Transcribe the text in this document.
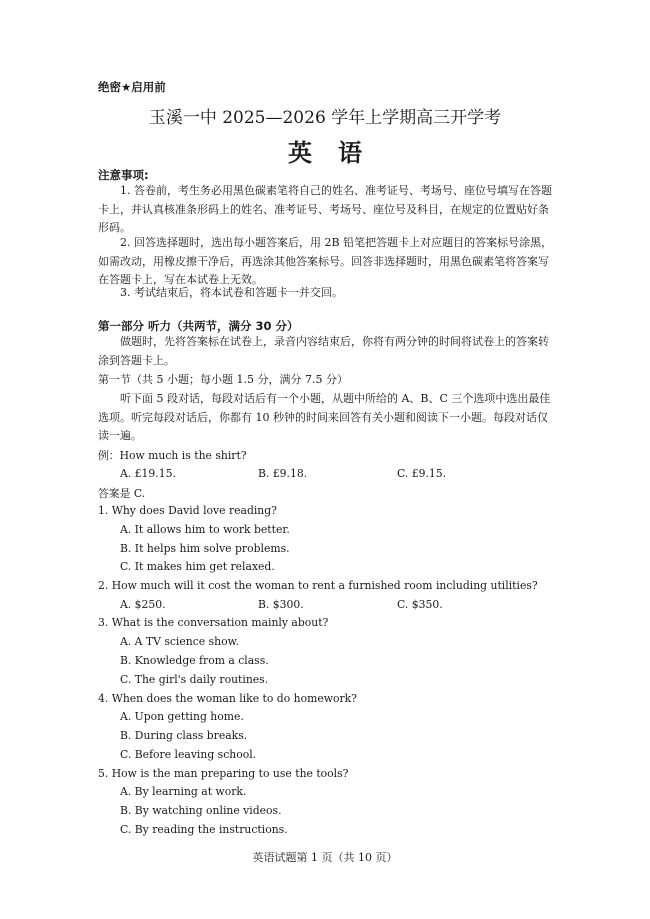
绝密★启用前
玉溪一中 2025—2026 学年上学期高三开学考
英语
注意事项:
1. 答卷前，考生务必用黑色碳素笔将自己的姓名、准考证号、考场号、座位号填写在答题卡上，并认真核准条形码上的姓名、准考证号、考场号、座位号及科目，在规定的位置贴好条形码。
2. 回答选择题时，选出每小题答案后，用 2B 铅笔把答题卡上对应题目的答案标号涂黑，如需改动，用橡皮擦干净后，再选涂其他答案标号。回答非选择题时，用黑色碳素笔将答案写在答题卡上，写在本试卷上无效。
3. 考试结束后，将本试卷和答题卡一并交回。
第一部分 听力（共两节，满分 30 分）
做题时，先将答案标在试卷上，录音内容结束后，你将有两分钟的时间将试卷上的答案转涂到答题卡上。
第一节（共 5 小题；每小题 1.5 分，满分 7.5 分）
听下面 5 段对话，每段对话后有一个小题，从题中所给的 A、B、C 三个选项中选出最佳选项。听完每段对话后，你都有 10 秒钟的时间来回答有关小题和阅读下一小题。每段对话仅读一遍。
例：How much is the shirt?
A. £19.15.	B. £9.18.	C. £9.15.
答案是 C.
1. Why does David love reading?
A. It allows him to work better.
B. It helps him solve problems.
C. It makes him get relaxed.
2. How much will it cost the woman to rent a furnished room including utilities?
A. $250.	B. $300.	C. $350.
3. What is the conversation mainly about?
A. A TV science show.
B. Knowledge from a class.
C. The girl's daily routines.
4. When does the woman like to do homework?
A. Upon getting home.
B. During class breaks.
C. Before leaving school.
5. How is the man preparing to use the tools?
A. By learning at work.
B. By watching online videos.
C. By reading the instructions.
英语试题第 1 页（共 10 页）
